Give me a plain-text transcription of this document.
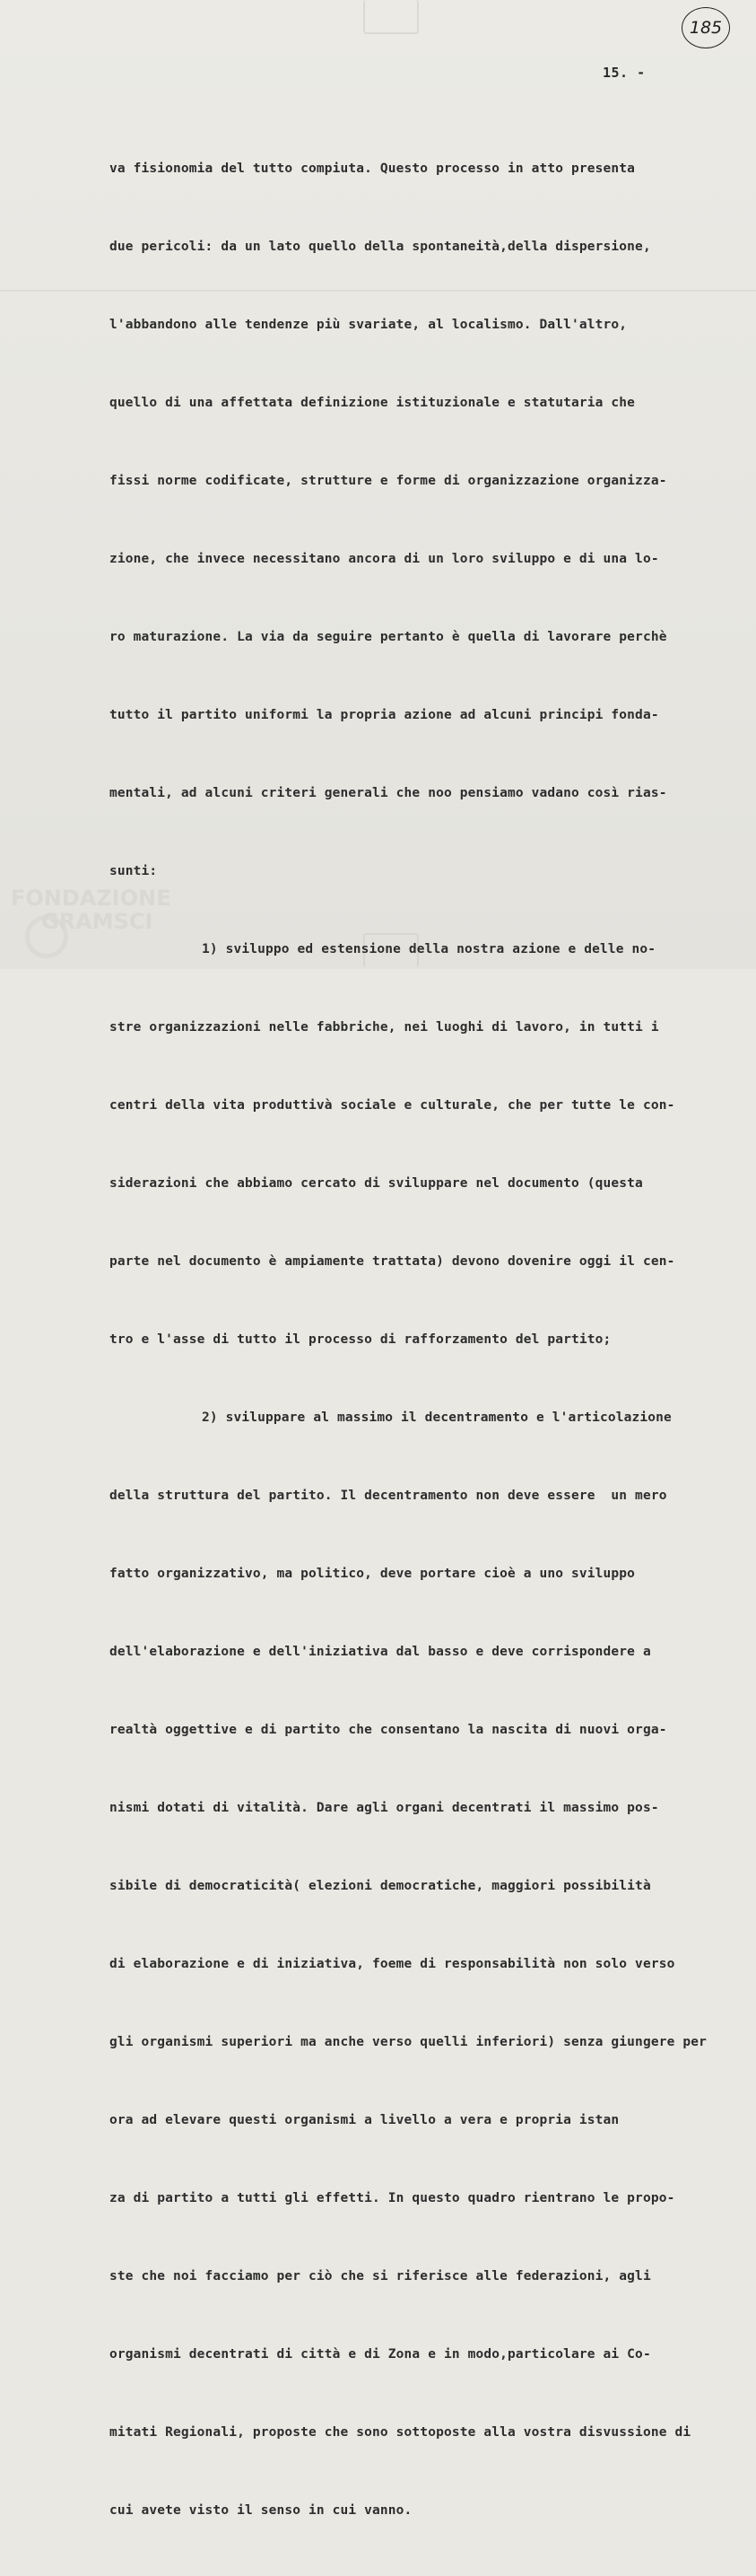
185
15. -

va fisionomia del tutto compiuta. Questo processo in atto presenta

due pericoli: da un lato quello della spontaneità,della dispersione,

l'abbandono alle tendenze più svariate, al localismo. Dall'altro,

quello di una affettata definizione istituzionale e statutaria che

fissi norme codificate, strutture e forme di organizzazione organizza-

zione, che invece necessitano ancora di un loro sviluppo e di una lo-

ro maturazione. La via da seguire pertanto è quella di lavorare perchè

tutto il partito uniformi la propria azione ad alcuni principi fonda-

mentali, ad alcuni criteri generali che noo pensiamo vadano così rias-

sunti:

1) sviluppo ed estensione della nostra azione e delle no-

stre organizzazioni nelle fabbriche, nei luoghi di lavoro, in tutti i

centri della vita produttivà sociale e culturale, che per tutte le con-

siderazioni che abbiamo cercato di sviluppare nel documento (questa

parte nel documento è ampiamente trattata) devono dovenire oggi il cen-

tro e l'asse di tutto il processo di rafforzamento del partito;

2) sviluppare al massimo il decentramento e l'articolazione

della struttura del partito. Il decentramento non deve essere  un mero

fatto organizzativo, ma politico, deve portare cioè a uno sviluppo

dell'elaborazione e dell'iniziativa dal basso e deve corrispondere a

realtà oggettive e di partito che consentano la nascita di nuovi orga-

nismi dotati di vitalità. Dare agli organi decentrati il massimo pos-

sibile di democraticità( elezioni democratiche, maggiori possibilità

di elaborazione e di iniziativa, foeme di responsabilità non solo verso

gli organismi superiori ma anche verso quelli inferiori) senza giungere per

ora ad elevare questi organismi a livello a vera e propria istan

za di partito a tutti gli effetti. In questo quadro rientrano le propo-

ste che noi facciamo per ciò che si riferisce alle federazioni, agli

organismi decentrati di città e di Zona e in modo,particolare ai Co-

mitati Regionali, proposte che sono sottoposte alla vostra disvussione di

cui avete visto il senso in cui vanno.

FONDAZIONE
GRAMSCI
